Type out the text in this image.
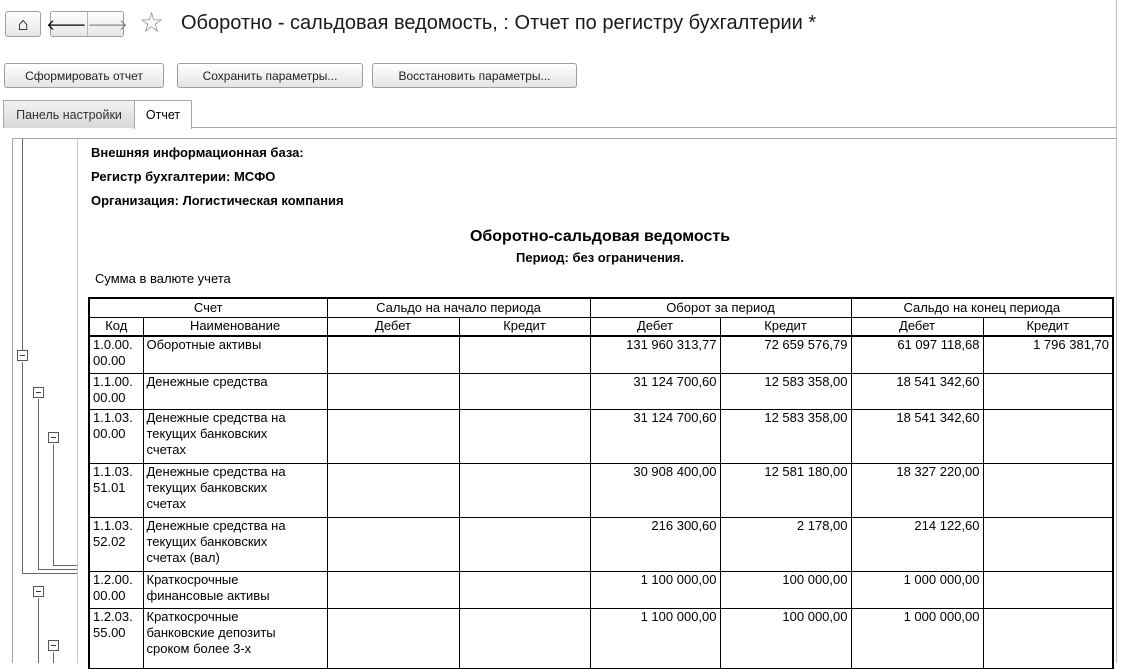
⌂ 🡐 🡒 ☆ Оборотно - сальдовая ведомость, : Отчет по регистру бухгалтерии *
Сформировать отчет	Сохранить параметры...	Восстановить параметры...
Панель настройки	Отчет
Внешняя информационная база:
Регистр бухгалтерии: МСФО
Организация: Логистическая компания
Оборотно-сальдовая ведомость
Период: без ограничения.
Сумма в валюте учета
Счет		Сальдо на начало периода		Оборот за период		Сальдо на конец периода	
Код	Наименование	Дебет	Кредит	Дебет	Кредит	Дебет	Кредит
1.0.00.
00.00	Оборотные активы			131 960 313,77	72 659 576,79	61 097 118,68	1 796 381,70
1.1.00.
00.00	Денежные средства			31 124 700,60	12 583 358,00	18 541 342,60	
1.1.03.
00.00	Денежные средства на
текущих банковских
счетах			31 124 700,60	12 583 358,00	18 541 342,60	
1.1.03.
51.01	Денежные средства на
текущих банковских
счетах			30 908 400,00	12 581 180,00	18 327 220,00	
1.1.03.
52.02	Денежные средства на
текущих банковских
счетах (вал)			216 300,60	2 178,00	214 122,60	
1.2.00.
00.00	Краткосрочные
финансовые активы			1 100 000,00	100 000,00	1 000 000,00	
1.2.03.
55.00	Краткосрочные
банковские депозиты
сроком более 3-х			1 100 000,00	100 000,00	1 000 000,00	
